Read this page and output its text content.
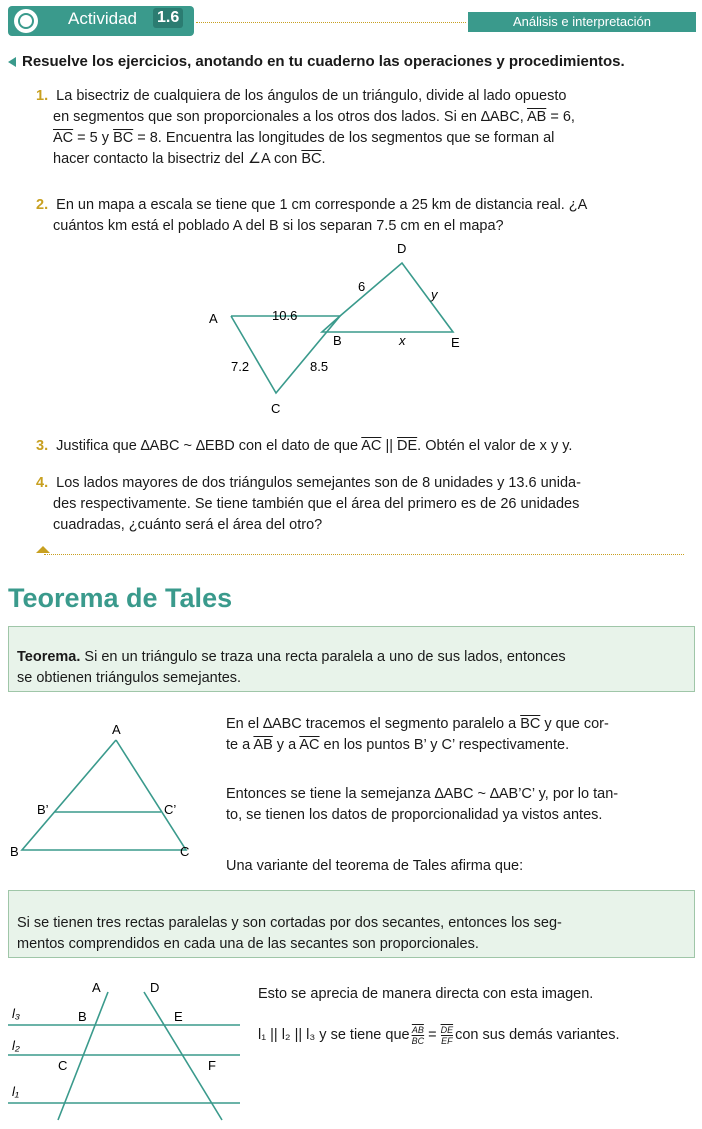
Actividad 1.6	Análisis e interpretación
Resuelve los ejercicios, anotando en tu cuaderno las operaciones y procedimientos.
1. La bisectriz de cualquiera de los ángulos de un triángulo, divide al lado opuesto
en segmentos que son proporcionales a los otros dos lados. Si en ∆ABC, $\overline{AB} = 6$,
$\overline{AC} = 5$ y $\overline{BC} = 8$. Encuentra las longitudes de los segmentos que se forman al
hacer contacto la bisectriz del ∠A con $\overline{BC}$.
2. En un mapa a escala se tiene que 1 cm corresponde a 25 km de distancia real. ¿A
cuántos km está el poblado A del B si los separan 7.5 cm en el mapa?
D
A
B	E
C
10.6
7.2	8.5
6
y
x
3. Justifica que ∆ABC ~ ∆EBD con el dato de que $\overline{AC}$ || $\overline{DE}$. Obtén el valor de x y y.
4. Los lados mayores de dos triángulos semejantes son de 8 unidades y 13.6 unida-
des respectivamente. Se tiene también que el área del primero es de 26 unidades
cuadradas, ¿cuánto será el área del otro?
Teorema de Tales
Teorema. Si en un triángulo se traza una recta paralela a uno de sus lados, entonces
se obtienen triángulos semejantes.
A
B’	C’
B	C
En el ∆ABC tracemos el segmento paralelo a $\overline{BC}$ y que cor-
te a $\overline{AB}$ y a $\overline{AC}$ en los puntos B’ y C’ respectivamente.
Entonces se tiene la semejanza ∆ABC ~ ∆AB’C’ y, por lo tan-
to, se tienen los datos de proporcionalidad ya vistos antes.
Una variante del teorema de Tales afirma que:
Si se tienen tres rectas paralelas y son cortadas por dos secantes, entonces los seg-
mentos comprendidos en cada una de las secantes son proporcionales.
A	D
B	E
C	F
l₃
l₂
l₁
Esto se aprecia de manera directa con esta imagen.
l₁ || l₂ || l₃ y se tiene que $\frac{\overline{AB}}{BC} = \frac{\overline{DE}}{EF}$ con sus demás variantes.
